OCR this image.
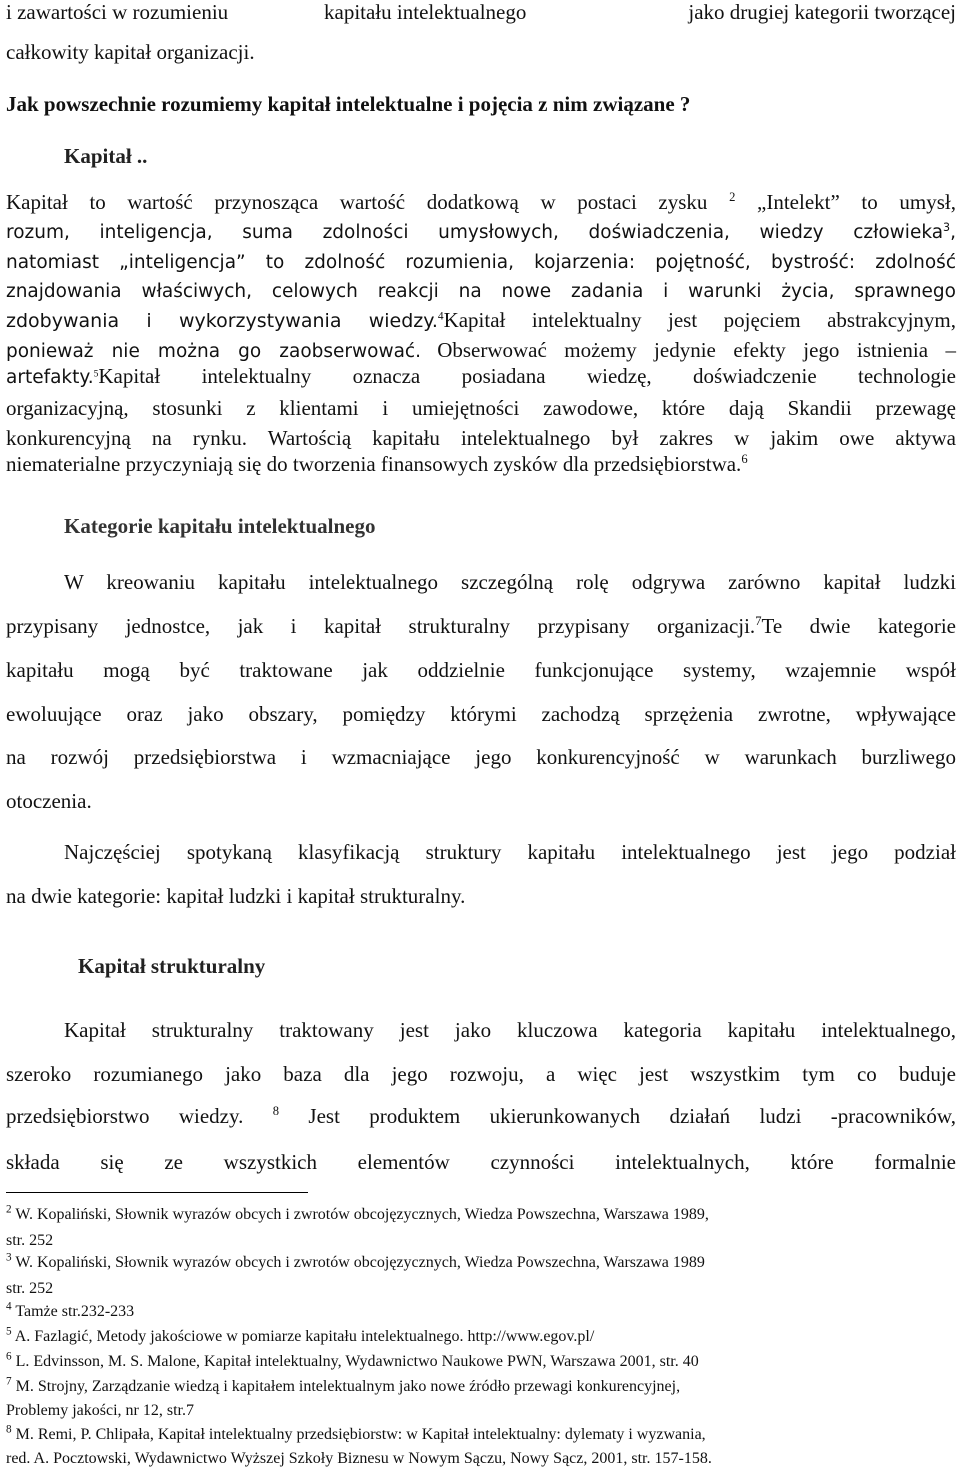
i zawartości w rozumieniu	kapitału intelektualnego	jako drugiej kategorii tworzącej
całkowity kapitał organizacji.
Jak powszechnie rozumiemy kapitał intelektualne i pojęcia z nim związane ?
Kapitał ..
Kapitał to wartość przynosząca wartość dodatkową w postaci zysku $^2$ „Intelekt” to umysł,
rozum, inteligencja, suma zdolności umysłowych, doświadczenia, wiedzy człowieka$^3$,
natomiast „inteligencja” to zdolność rozumienia, kojarzenia: pojętność, bystrość: zdolność
znajdowania właściwych, celowych reakcji na nowe zadania i warunki życia, sprawnego
zdobywania i wykorzystywania wiedzy.$^4$Kapitał intelektualny jest pojęciem abstrakcyjnym,
ponieważ nie można go zaobserwować. Obserwować możemy jedynie efekty jego istnienia –
artefakty.$^5$Kapitał intelektualny oznacza posiadana wiedzę, doświadczenie technologie
organizacyjną, stosunki z klientami i umiejętności zawodowe, które dają Skandii przewagę
konkurencyjną na rynku. Wartością kapitału intelektualnego był zakres w jakim owe aktywa
niematerialne przyczyniają się do tworzenia finansowych zysków dla przedsiębiorstwa.$^6$
Kategorie kapitału intelektualnego
W kreowaniu kapitału intelektualnego szczególną rolę odgrywa zarówno kapitał ludzki
przypisany jednostce, jak i kapitał strukturalny przypisany organizacji.$^7$Te dwie kategorie
kapitału mogą być traktowane jak oddzielnie funkcjonujące systemy, wzajemnie współ
ewoluujące oraz jako obszary, pomiędzy którymi zachodzą sprzężenia zwrotne, wpływające
na rozwój przedsiębiorstwa i wzmacniające jego konkurencyjność w warunkach burzliwego
otoczenia.
Najczęściej spotykaną klasyfikacją struktury kapitału intelektualnego jest jego podział
na dwie kategorie: kapitał ludzki i kapitał strukturalny.
Kapitał strukturalny
Kapitał strukturalny traktowany jest jako kluczowa kategoria kapitału intelektualnego,
szeroko rozumianego jako baza dla jego rozwoju, a więc jest wszystkim tym co buduje
przedsiębiorstwo wiedzy. $^8$ Jest produktem ukierunkowanych działań ludzi -pracowników,
składa się ze wszystkich elementów czynności intelektualnych, które formalnie
$^2$ W. Kopaliński, Słownik wyrazów obcych i zwrotów obcojęzycznych, Wiedza Powszechna, Warszawa 1989,
str. 252
$^3$ W. Kopaliński, Słownik wyrazów obcych i zwrotów obcojęzycznych, Wiedza Powszechna, Warszawa 1989
str. 252
$^4$ Tamże str.232-233
$^5$ A. Fazlagić, Metody jakościowe w pomiarze kapitału intelektualnego. http://www.egov.pl/
$^6$ L. Edvinsson, M. S. Malone, Kapitał intelektualny, Wydawnictwo Naukowe PWN, Warszawa 2001, str. 40
$^7$ M. Strojny, Zarządzanie wiedzą i kapitałem intelektualnym jako nowe źródło przewagi konkurencyjnej,
Problemy jakości, nr 12, str.7
$^8$ M. Remi, P. Chlipała, Kapitał intelektualny przedsiębiorstw: w Kapitał intelektualny: dylematy i wyzwania,
red. A. Pocztowski, Wydawnictwo Wyższej Szkoły Biznesu w Nowym Sączu, Nowy Sącz, 2001, str. 157-158.
